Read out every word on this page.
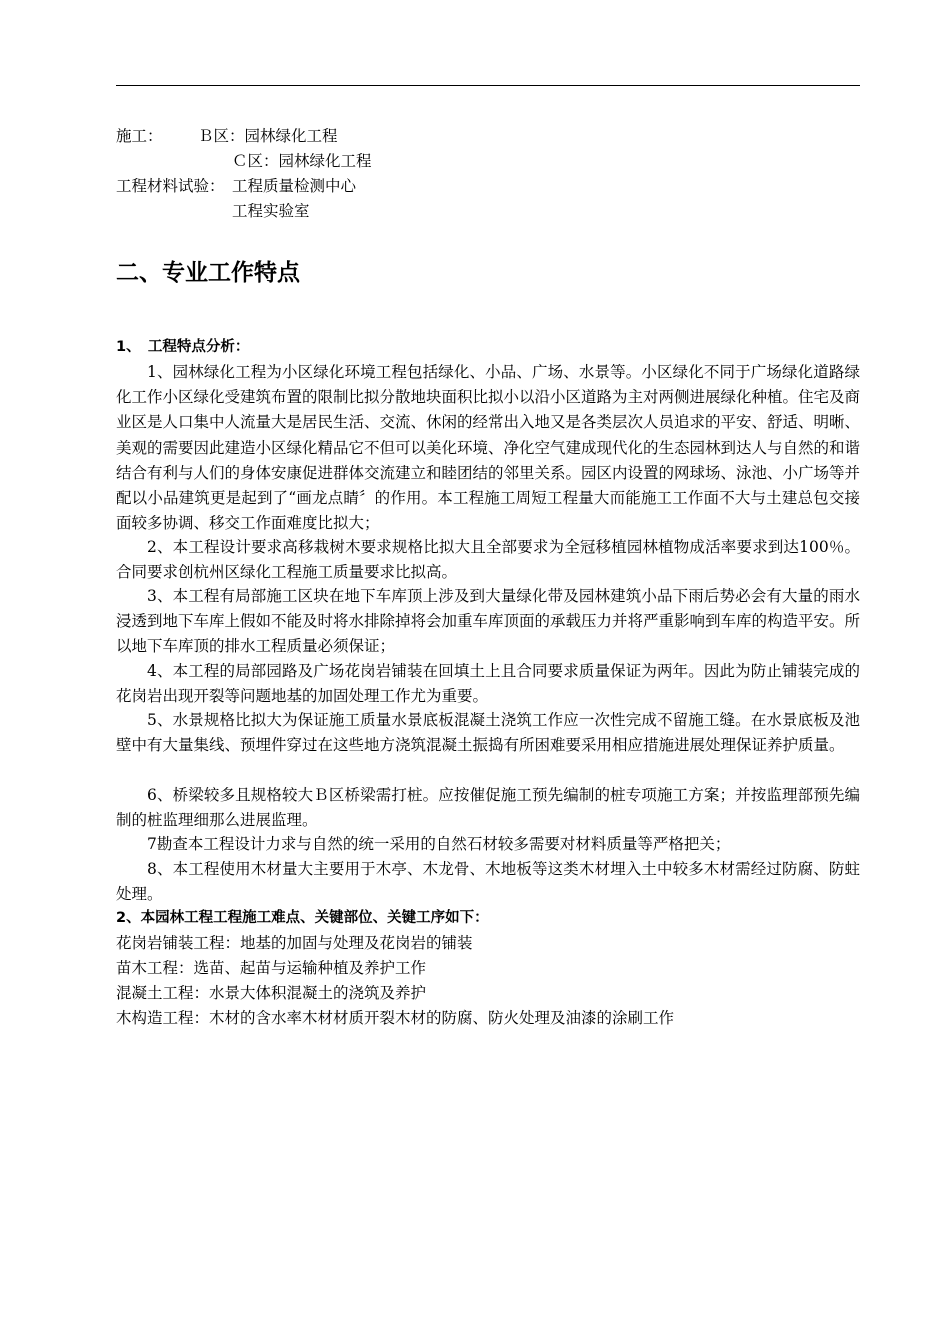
施工： Ｂ区：园林绿化工程
Ｃ区：园林绿化工程
工程材料试验： 工程质量检测中心
工程实验室
二、专业工作特点
1、　工程特点分析：

1、园林绿化工程为小区绿化环境工程包括绿化、小品、广场、水景等。小区绿化不同于广场绿化道路绿化工作小区绿化受建筑布置的限制比拟分散地块面积比拟小以沿小区道路为主对两侧进展绿化种植。住宅及商业区是人口集中人流量大是居民生活、交流、休闲的经常出入地又是各类层次人员追求的平安、舒适、明晰、美观的需要因此建造小区绿化精品它不但可以美化环境、净化空气建成现代化的生态园林到达人与自然的和谐结合有利与人们的身体安康促进群体交流建立和睦团结的邻里关系。园区内设置的网球场、泳池、小广场等并配以小品建筑更是起到了“画龙点睛〞的作用。本工程施工周短工程量大而能施工工作面不大与土建总包交接面较多协调、移交工作面难度比拟大；

2、本工程设计要求高移栽树木要求规格比拟大且全部要求为全冠移植园林植物成活率要求到达100％。合同要求创杭州区绿化工程施工质量要求比拟高。

3、本工程有局部施工区块在地下车库顶上涉及到大量绿化带及园林建筑小品下雨后势必会有大量的雨水浸透到地下车库上假如不能及时将水排除掉将会加重车库顶面的承载压力并将严重影响到车库的构造平安。所以地下车库顶的排水工程质量必须保证；

4、本工程的局部园路及广场花岗岩铺装在回填土上且合同要求质量保证为两年。因此为防止铺装完成的花岗岩出现开裂等问题地基的加固处理工作尤为重要。

5、水景规格比拟大为保证施工质量水景底板混凝土浇筑工作应一次性完成不留施工缝。在水景底板及池壁中有大量集线、预埋件穿过在这些地方浇筑混凝土振捣有所困难要采用相应措施进展处理保证养护质量。

6、桥梁较多且规格较大Ｂ区桥梁需打桩。应按催促施工预先编制的桩专项施工方案；并按监理部预先编制的桩监理细那么进展监理。

7勘查本工程设计力求与自然的统一采用的自然石材较多需要对材料质量等严格把关；

8、本工程使用木材量大主要用于木亭、木龙骨、木地板等这类木材埋入土中较多木材需经过防腐、防蛀处理。

2、本园林工程工程施工难点、关键部位、关键工序如下：
花岗岩铺装工程：地基的加固与处理及花岗岩的铺装
苗木工程：选苗、起苗与运输种植及养护工作
混凝土工程：水景大体积混凝土的浇筑及养护
木构造工程：木材的含水率木材材质开裂木材的防腐、防火处理及油漆的涂刷工作
